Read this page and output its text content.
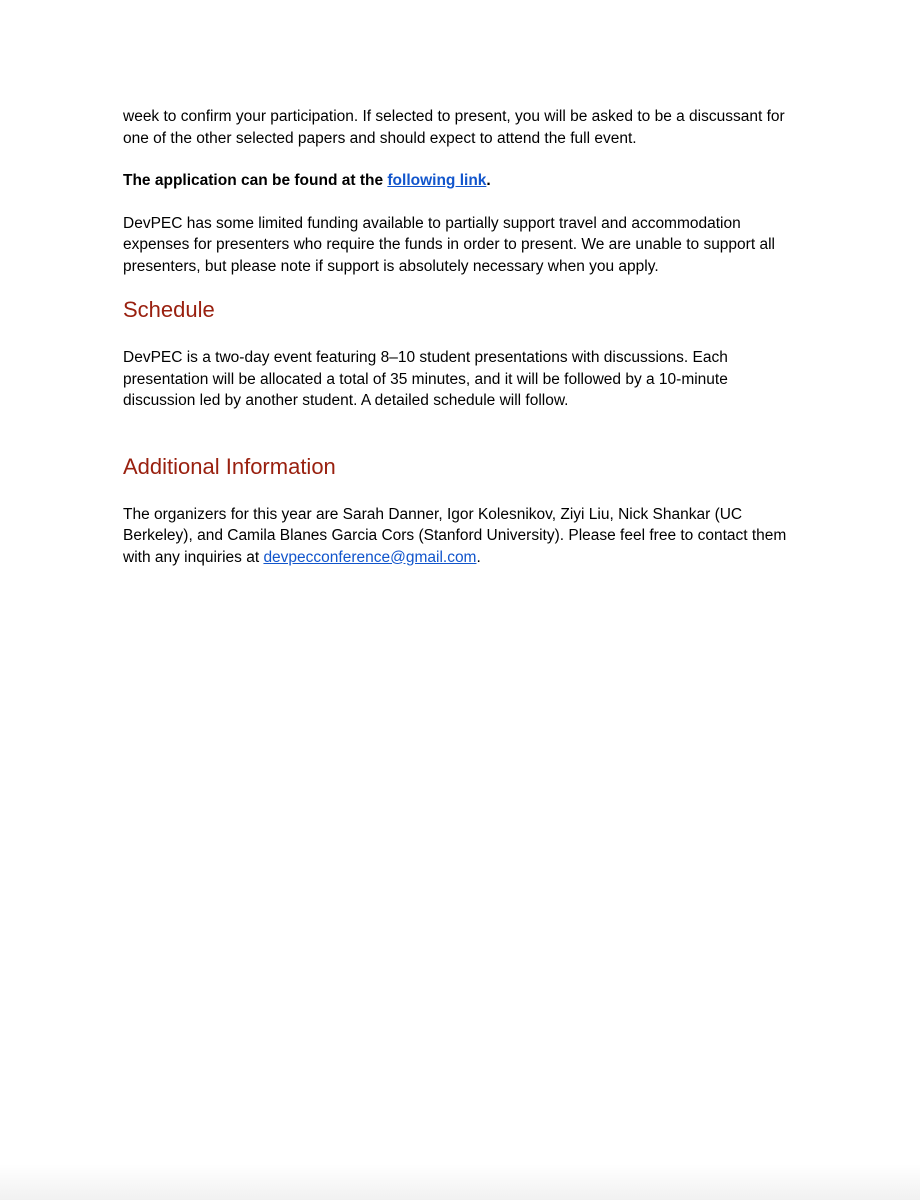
week to confirm your participation. If selected to present, you will be asked to be a discussant for
one of the other selected papers and should expect to attend the full event.

The application can be found at the following link.

DevPEC has some limited funding available to partially support travel and accommodation
expenses for presenters who require the funds in order to present. We are unable to support all
presenters, but please note if support is absolutely necessary when you apply.

Schedule

DevPEC is a two-day event featuring 8–10 student presentations with discussions. Each
presentation will be allocated a total of 35 minutes, and it will be followed by a 10-minute
discussion led by another student. A detailed schedule will follow.

Additional Information

The organizers for this year are Sarah Danner, Igor Kolesnikov, Ziyi Liu, Nick Shankar (UC
Berkeley), and Camila Blanes Garcia Cors (Stanford University). Please feel free to contact them
with any inquiries at devpecconference@gmail.com.
